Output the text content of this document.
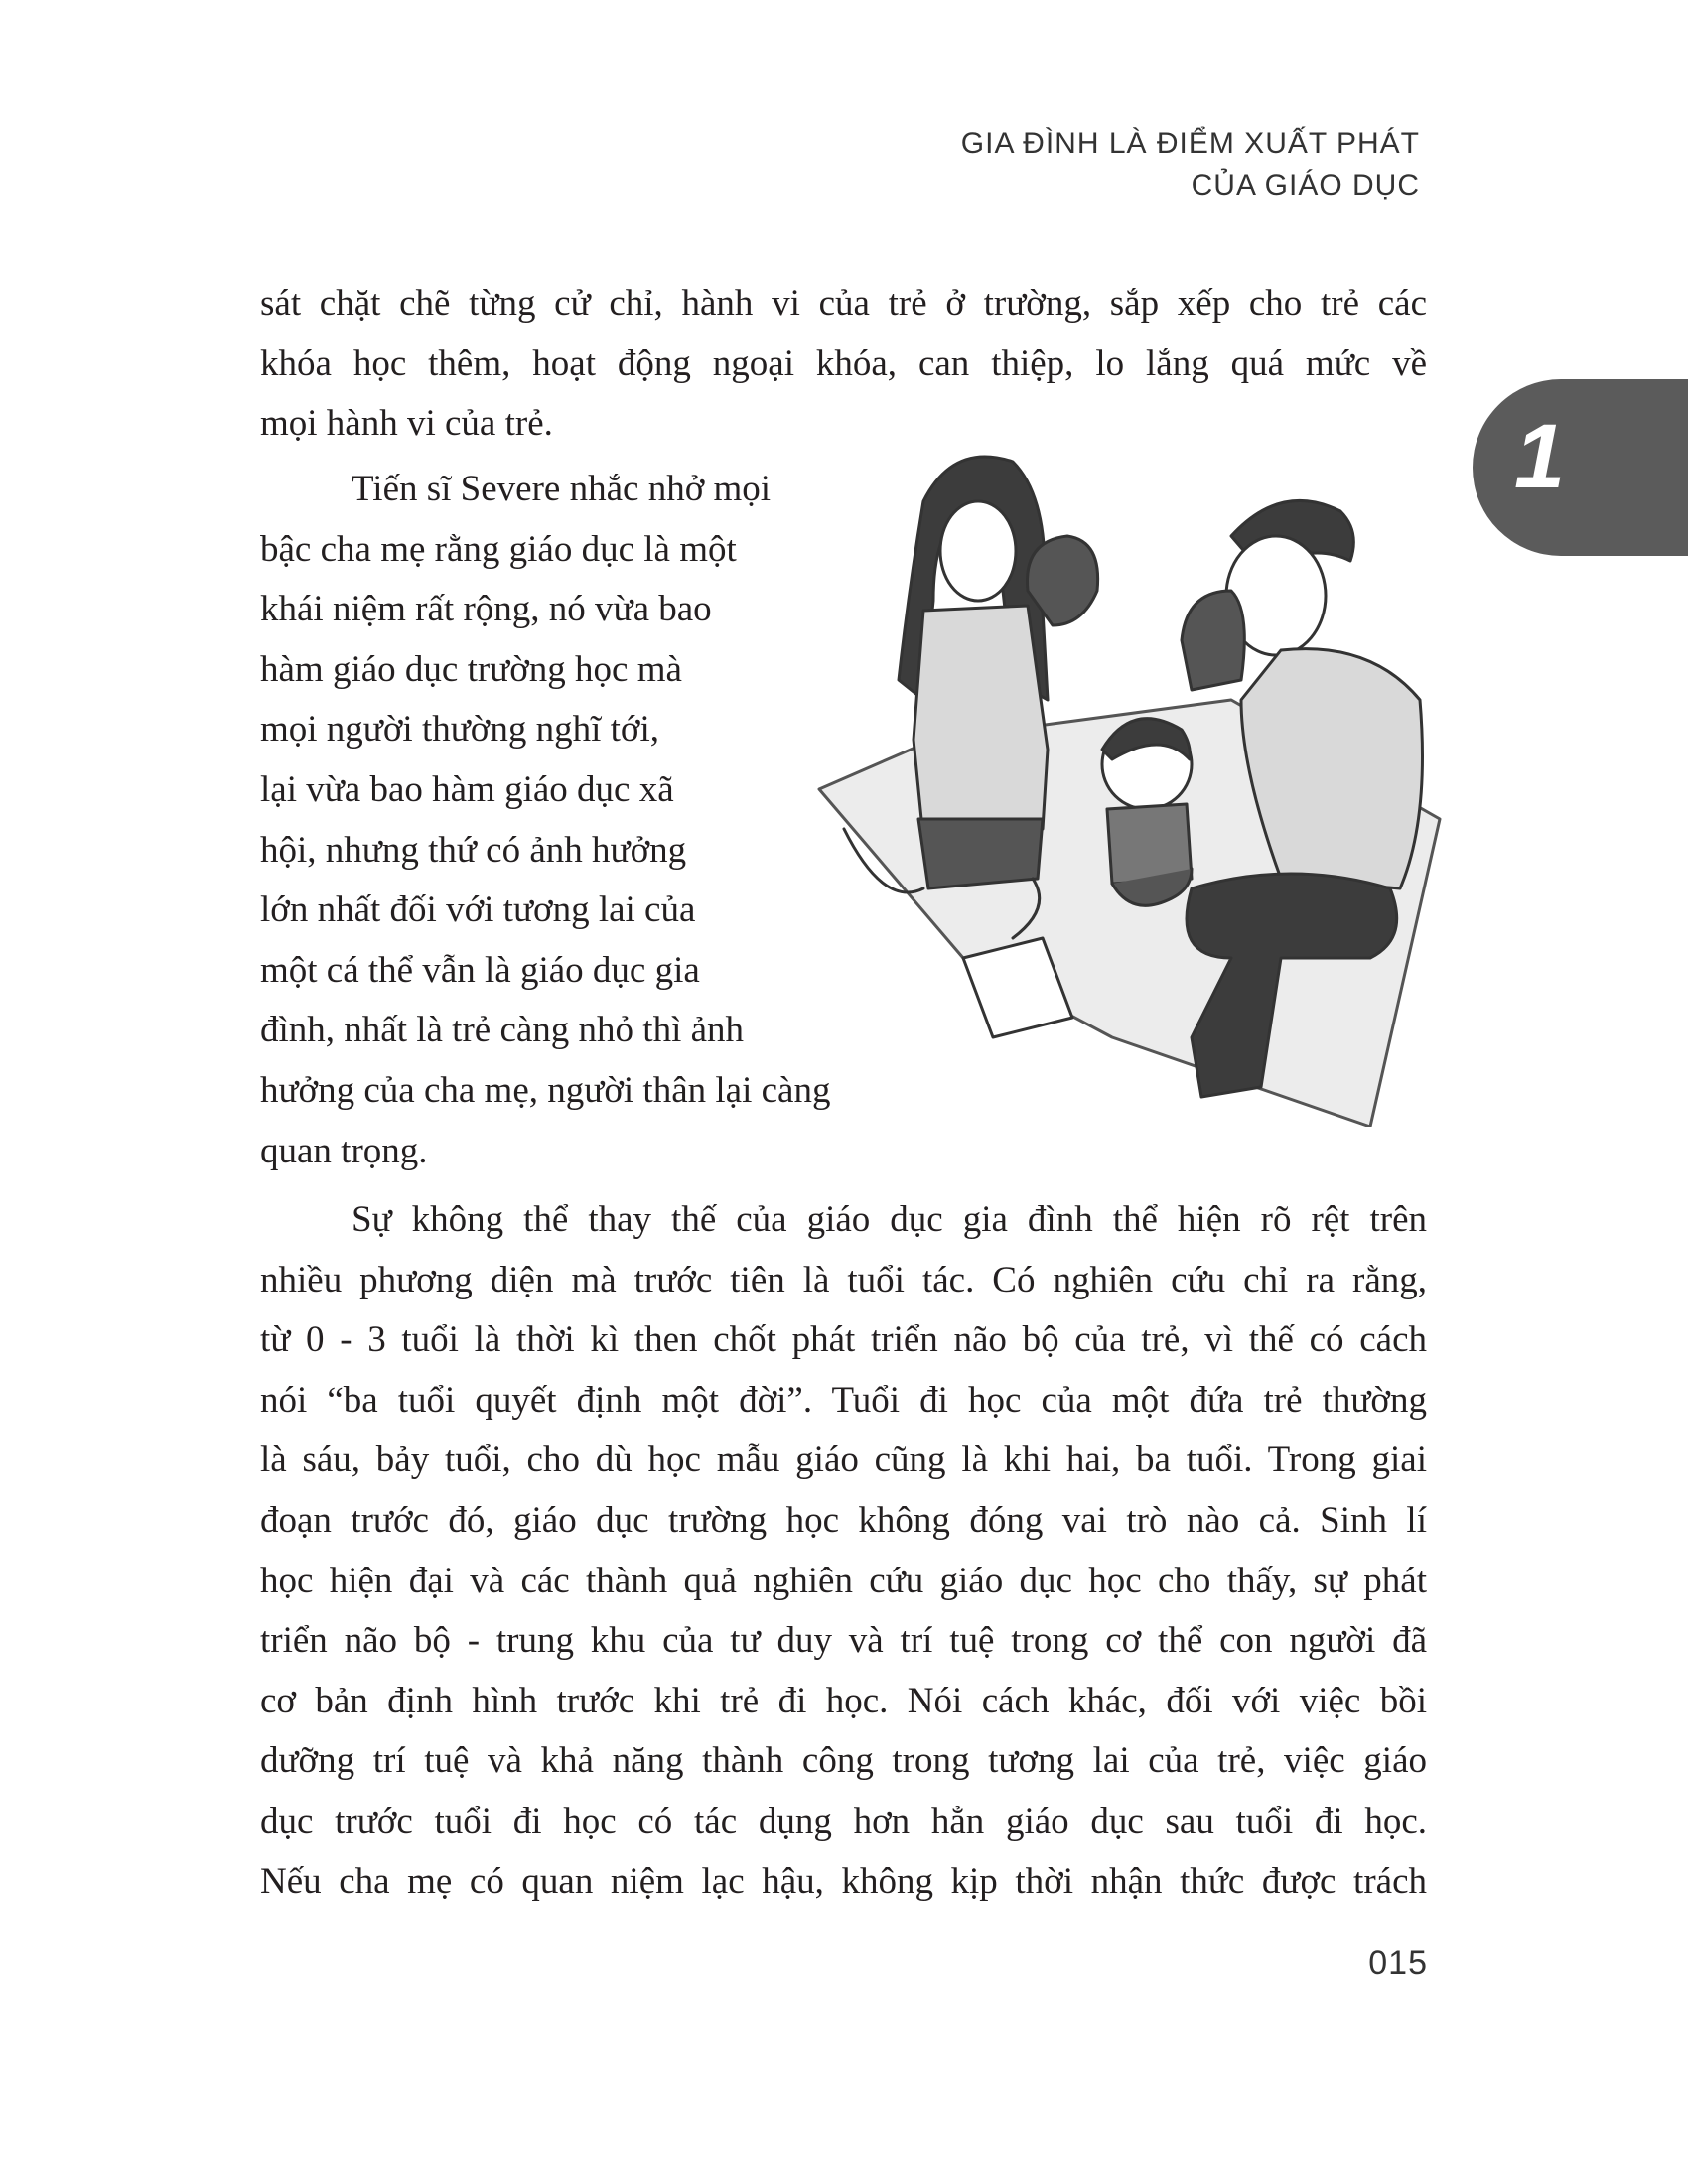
GIA ĐÌNH LÀ ĐIỂM XUẤT PHÁT
CỦA GIÁO DỤC
1
sát chặt chẽ từng cử chỉ, hành vi của trẻ ở trường, sắp xếp cho trẻ các
khóa học thêm, hoạt động ngoại khóa, can thiệp, lo lắng quá mức về
mọi hành vi của trẻ.
Tiến sĩ Severe nhắc nhở mọi
bậc cha mẹ rằng giáo dục là một
khái niệm rất rộng, nó vừa bao
hàm giáo dục trường học mà
mọi người thường nghĩ tới,
lại vừa bao hàm giáo dục xã
hội, nhưng thứ có ảnh hưởng
lớn nhất đối với tương lai của
một cá thể vẫn là giáo dục gia
đình, nhất là trẻ càng nhỏ thì ảnh
hưởng của cha mẹ, người thân lại càng
quan trọng.
Sự không thể thay thế của giáo dục gia đình thể hiện rõ rệt trên
nhiều phương diện mà trước tiên là tuổi tác. Có nghiên cứu chỉ ra rằng,
từ 0 - 3 tuổi là thời kì then chốt phát triển não bộ của trẻ, vì thế có cách
nói “ba tuổi quyết định một đời”. Tuổi đi học của một đứa trẻ thường
là sáu, bảy tuổi, cho dù học mẫu giáo cũng là khi hai, ba tuổi. Trong giai
đoạn trước đó, giáo dục trường học không đóng vai trò nào cả. Sinh lí
học hiện đại và các thành quả nghiên cứu giáo dục học cho thấy, sự phát
triển não bộ - trung khu của tư duy và trí tuệ trong cơ thể con người đã
cơ bản định hình trước khi trẻ đi học. Nói cách khác, đối với việc bồi
dưỡng trí tuệ và khả năng thành công trong tương lai của trẻ, việc giáo
dục trước tuổi đi học có tác dụng hơn hẳn giáo dục sau tuổi đi học.
Nếu cha mẹ có quan niệm lạc hậu, không kịp thời nhận thức được trách
015
